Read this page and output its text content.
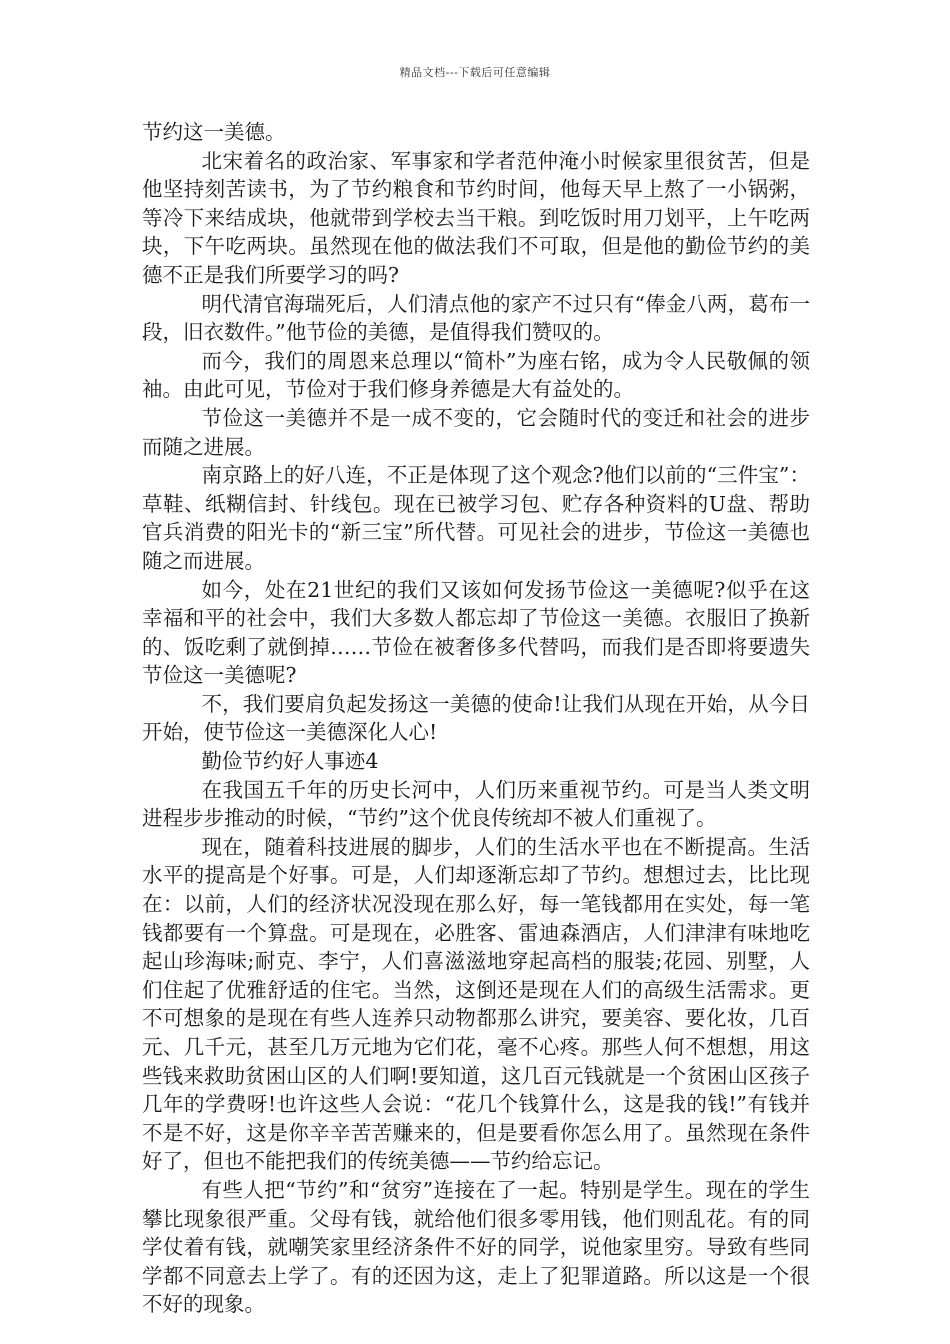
精品文档---下载后可任意编辑

节约这一美德。

北宋着名的政治家、军事家和学者范仲淹小时候家里很贫苦，但是他坚持刻苦读书，为了节约粮食和节约时间，他每天早上熬了一小锅粥，等冷下来结成块，他就带到学校去当干粮。到吃饭时用刀划平，上午吃两块，下午吃两块。虽然现在他的做法我们不可取，但是他的勤俭节约的美德不正是我们所要学习的吗?

明代清官海瑞死后，人们清点他的家产不过只有“俸金八两，葛布一段，旧衣数件。”他节俭的美德，是值得我们赞叹的。

而今，我们的周恩来总理以“简朴”为座右铭，成为令人民敬佩的领袖。由此可见，节俭对于我们修身养德是大有益处的。

节俭这一美德并不是一成不变的，它会随时代的变迁和社会的进步而随之进展。

南京路上的好八连，不正是体现了这个观念?他们以前的“三件宝”：草鞋、纸糊信封、针线包。现在已被学习包、贮存各种资料的U盘、帮助官兵消费的阳光卡的“新三宝”所代替。可见社会的进步，节俭这一美德也随之而进展。

如今，处在21世纪的我们又该如何发扬节俭这一美德呢?似乎在这幸福和平的社会中，我们大多数人都忘却了节俭这一美德。衣服旧了换新的、饭吃剩了就倒掉……节俭在被奢侈多代替吗，而我们是否即将要遗失节俭这一美德呢?

不，我们要肩负起发扬这一美德的使命!让我们从现在开始，从今日开始，使节俭这一美德深化人心!

勤俭节约好人事迹4

在我国五千年的历史长河中，人们历来重视节约。可是当人类文明进程步步推动的时候，“节约”这个优良传统却不被人们重视了。

现在，随着科技进展的脚步，人们的生活水平也在不断提高。生活水平的提高是个好事。可是，人们却逐渐忘却了节约。想想过去，比比现在：以前，人们的经济状况没现在那么好，每一笔钱都用在实处，每一笔钱都要有一个算盘。可是现在，必胜客、雷迪森酒店，人们津津有味地吃起山珍海味;耐克、李宁，人们喜滋滋地穿起高档的服装;花园、别墅，人们住起了优雅舒适的住宅。当然，这倒还是现在人们的高级生活需求。更不可想象的是现在有些人连养只动物都那么讲究，要美容、要化妆，几百元、几千元，甚至几万元地为它们花，毫不心疼。那些人何不想想，用这些钱来救助贫困山区的人们啊!要知道，这几百元钱就是一个贫困山区孩子几年的学费呀!也许这些人会说：“花几个钱算什么，这是我的钱!”有钱并不是不好，这是你辛辛苦苦赚来的，但是要看你怎么用了。虽然现在条件好了，但也不能把我们的传统美德——节约给忘记。

有些人把“节约”和“贫穷”连接在了一起。特别是学生。现在的学生攀比现象很严重。父母有钱，就给他们很多零用钱，他们则乱花。有的同学仗着有钱，就嘲笑家里经济条件不好的同学，说他家里穷。导致有些同学都不同意去上学了。有的还因为这，走上了犯罪道路。所以这是一个很不好的现象。
